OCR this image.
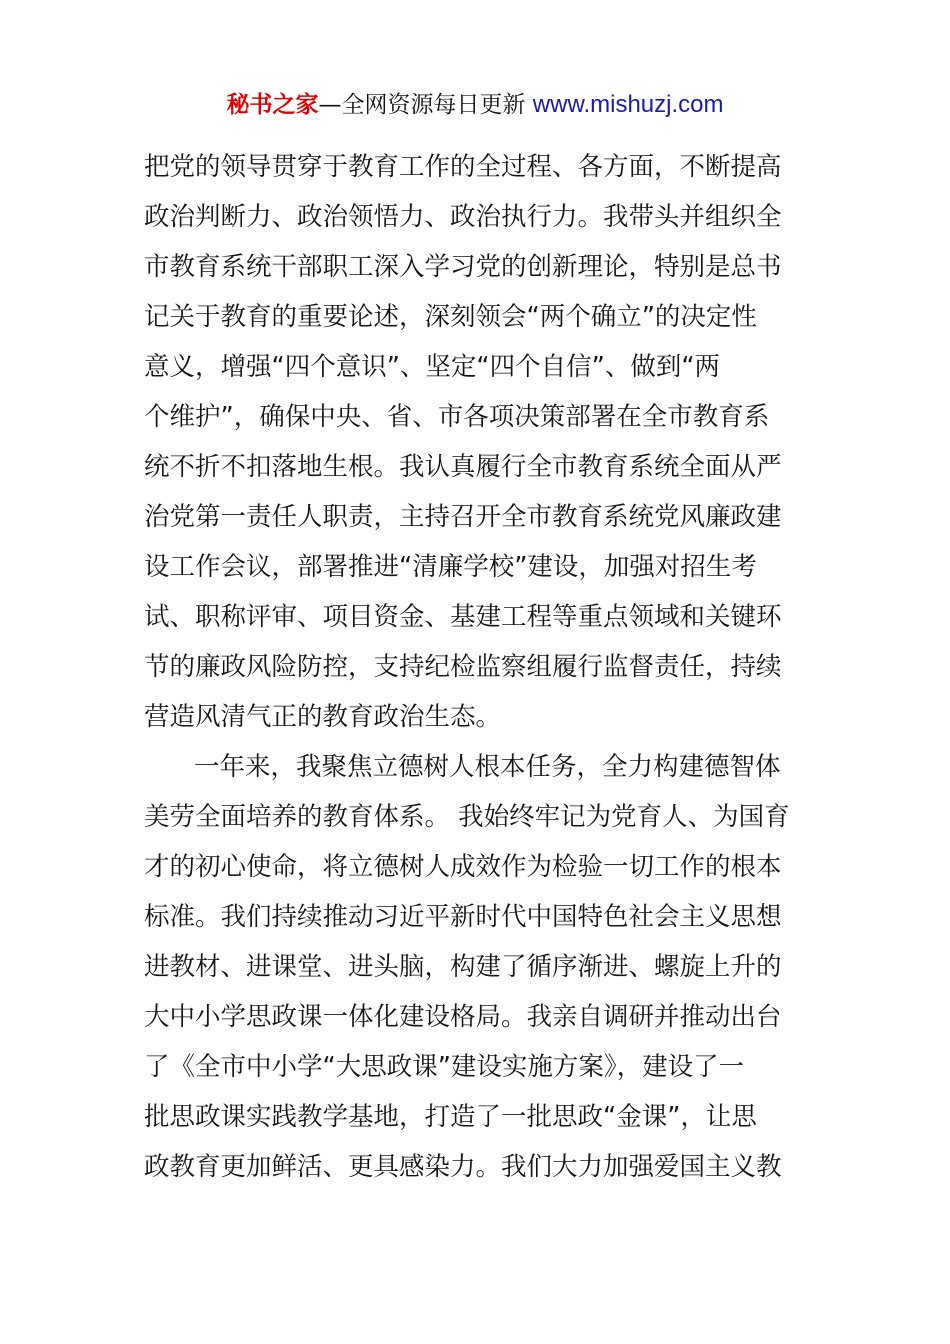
秘书之家—全网资源每日更新 www.mishuzj.com
把党的领导贯穿于教育工作的全过程、各方面，不断提高
政治判断力、政治领悟力、政治执行力。我带头并组织全
市教育系统干部职工深入学习党的创新理论，特别是总书
记关于教育的重要论述，深刻领会“两个确立”的决定性
意义，增强“四个意识”、坚定“四个自信”、做到“两
个维护”，确保中央、省、市各项决策部署在全市教育系
统不折不扣落地生根。我认真履行全市教育系统全面从严
治党第一责任人职责，主持召开全市教育系统党风廉政建
设工作会议，部署推进“清廉学校”建设，加强对招生考
试、职称评审、项目资金、基建工程等重点领域和关键环
节的廉政风险防控，支持纪检监察组履行监督责任，持续
营造风清气正的教育政治生态。
一年来，我聚焦立德树人根本任务，全力构建德智体
美劳全面培养的教育体系。 我始终牢记为党育人、为国育
才的初心使命，将立德树人成效作为检验一切工作的根本
标准。我们持续推动习近平新时代中国特色社会主义思想
进教材、进课堂、进头脑，构建了循序渐进、螺旋上升的
大中小学思政课一体化建设格局。我亲自调研并推动出台
了《全市中小学“大思政课”建设实施方案》，建设了一
批思政课实践教学基地，打造了一批思政“金课”，让思
政教育更加鲜活、更具感染力。我们大力加强爱国主义教
